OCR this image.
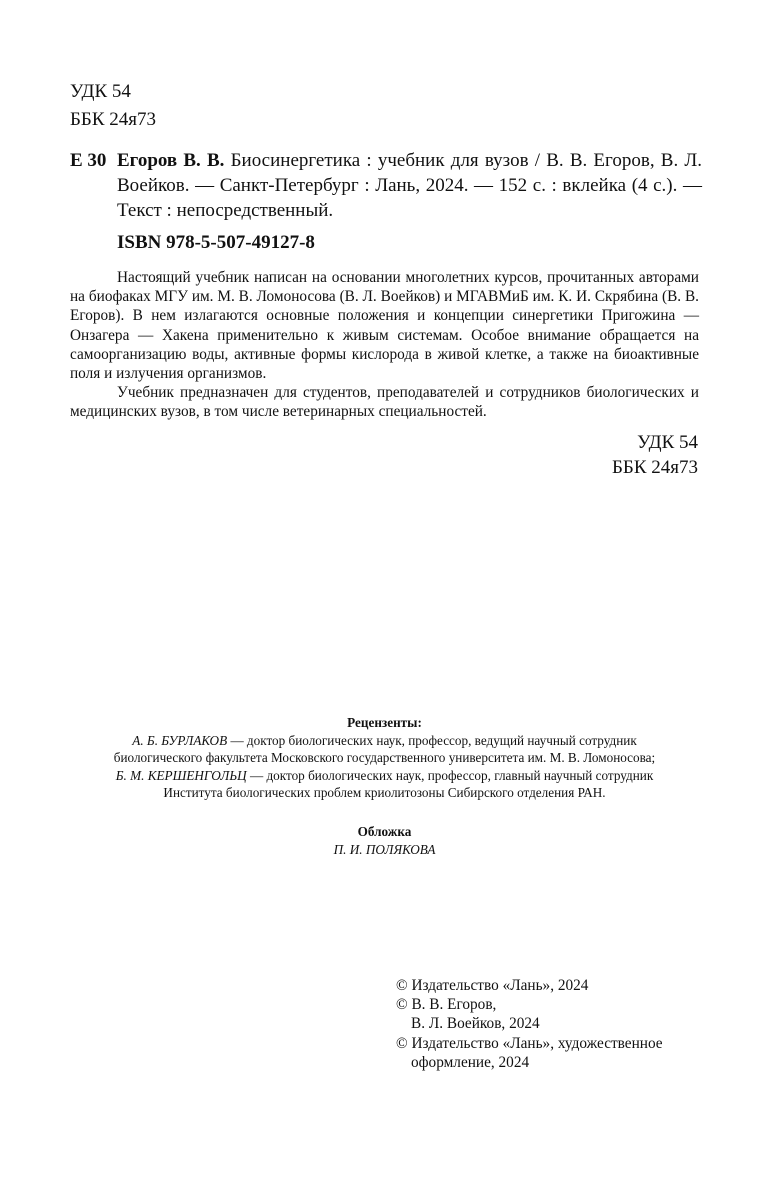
УДК 54
ББК 24я73
Е 30 Егоров В. В. Биосинергетика : учебник для вузов / В. В. Егоров, В. Л. Воейков. — Санкт-Петербург : Лань, 2024. — 152 с. : вклейка (4 с.). — Текст : непосредственный.
ISBN 978-5-507-49127-8

Настоящий учебник написан на основании многолетних курсов, прочитанных авторами на биофаках МГУ им. М. В. Ломоносова (В. Л. Воейков) и МГАВМиБ им. К. И. Скрябина (В. В. Егоров). В нем излагаются основные положения и концепции синергетики Пригожина — Онзагера — Хакена применительно к живым системам. Особое внимание обращается на самоорганизацию воды, активные формы кислорода в живой клетке, а также на биоактивные поля и излучения организмов.

Учебник предназначен для студентов, преподавателей и сотрудников биологических и медицинских вузов, в том числе ветеринарных специальностей.

УДК 54
ББК 24я73
Рецензенты:
А. Б. БУРЛАКОВ — доктор биологических наук, профессор, ведущий научный сотрудник
биологического факультета Московского государственного университета им. М. В. Ломоносова;
Б. М. КЕРШЕНГОЛЬЦ — доктор биологических наук, профессор, главный научный сотрудник
Института биологических проблем криолитозоны Сибирского отделения РАН.
Обложка
П. И. ПОЛЯКОВА
© Издательство «Лань», 2024
© В. В. Егоров,
В. Л. Воейков, 2024
© Издательство «Лань», художественное
оформление, 2024
